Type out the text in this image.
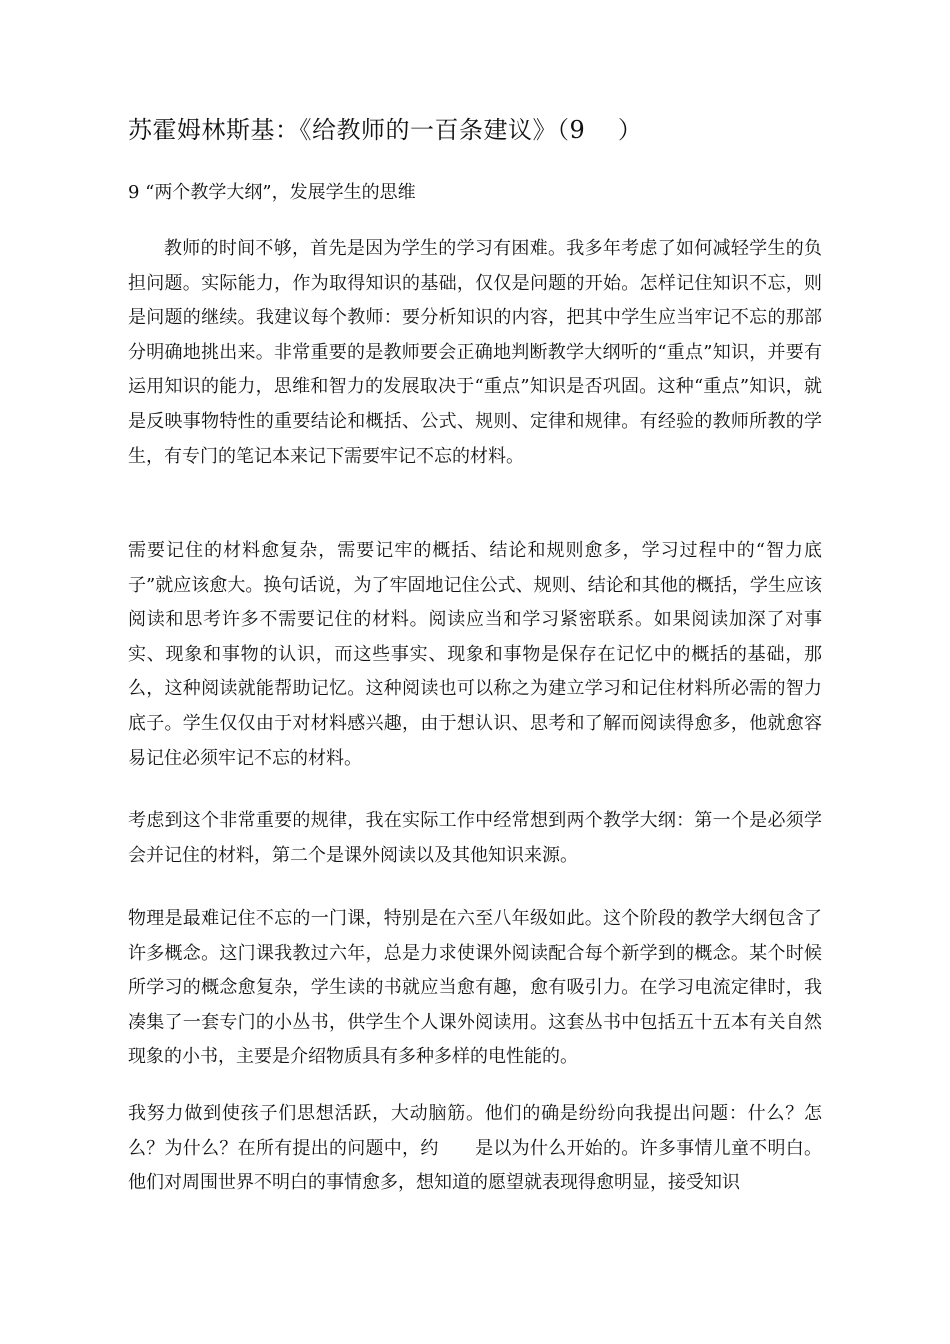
苏霍姆林斯基：《给教师的一百条建议》（9 　）
9 “两个教学大纲”，发展学生的思维

教师的时间不够，首先是因为学生的学习有困难。我多年考虑了如何减轻学生的负担问题。实际能力，作为取得知识的基础，仅仅是问题的开始。怎样记住知识不忘，则是问题的继续。我建议每个教师：要分析知识的内容，把其中学生应当牢记不忘的那部分明确地挑出来。非常重要的是教师要会正确地判断教学大纲听的“重点”知识，并要有运用知识的能力，思维和智力的发展取决于“重点”知识是否巩固。这种“重点”知识，就是反映事物特性的重要结论和概括、公式、规则、定律和规律。有经验的教师所教的学生，有专门的笔记本来记下需要牢记不忘的材料。

需要记住的材料愈复杂，需要记牢的概括、结论和规则愈多，学习过程中的“智力底子”就应该愈大。换句话说，为了牢固地记住公式、规则、结论和其他的概括，学生应该阅读和思考许多不需要记住的材料。阅读应当和学习紧密联系。如果阅读加深了对事实、现象和事物的认识，而这些事实、现象和事物是保存在记忆中的概括的基础，那么，这种阅读就能帮助记忆。这种阅读也可以称之为建立学习和记住材料所必需的智力底子。学生仅仅由于对材料感兴趣，由于想认识、思考和了解而阅读得愈多，他就愈容易记住必须牢记不忘的材料。

考虑到这个非常重要的规律，我在实际工作中经常想到两个教学大纲：第一个是必须学会并记住的材料，第二个是课外阅读以及其他知识来源。

物理是最难记住不忘的一门课，特别是在六至八年级如此。这个阶段的教学大纲包含了许多概念。这门课我教过六年，总是力求使课外阅读配合每个新学到的概念。某个时候所学习的概念愈复杂，学生读的书就应当愈有趣，愈有吸引力。在学习电流定律时，我凑集了一套专门的小丛书，供学生个人课外阅读用。这套丛书中包括五十五本有关自然现象的小书，主要是介绍物质具有多种多样的电性能的。

我努力做到使孩子们思想活跃，大动脑筋。他们的确是纷纷向我提出问题：什么？怎么？为什么？在所有提出的问题中，约　　是以为什么开始的。许多事情儿童不明白。他们对周围世界不明白的事情愈多，想知道的愿望就表现得愈明显，接受知识
